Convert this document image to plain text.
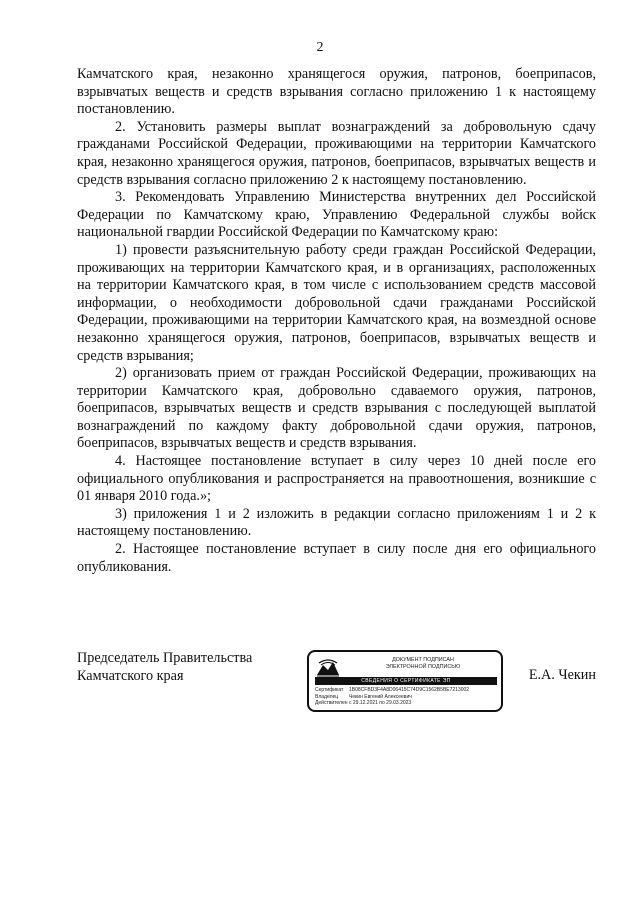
2

Камчатского края, незаконно хранящегося оружия, патронов, боеприпасов, взрывчатых веществ и средств взрывания согласно приложению 1 к настоящему постановлению.

2. Установить размеры выплат вознаграждений за добровольную сдачу гражданами Российской Федерации, проживающими на территории Камчатского края, незаконно хранящегося оружия, патронов, боеприпасов, взрывчатых веществ и средств взрывания согласно приложению 2 к настоящему постановлению.

3. Рекомендовать Управлению Министерства внутренних дел Российской Федерации по Камчатскому краю, Управлению Федеральной службы войск национальной гвардии Российской Федерации по Камчатскому краю:

1) провести разъяснительную работу среди граждан Российской Федерации, проживающих на территории Камчатского края, и в организациях, расположенных на территории Камчатского края, в том числе с использованием средств массовой информации, о необходимости добровольной сдачи гражданами Российской Федерации, проживающими на территории Камчатского края, на возмездной основе незаконно хранящегося оружия, патронов, боеприпасов, взрывчатых веществ и средств взрывания;

2) организовать прием от граждан Российской Федерации, проживающих на территории Камчатского края, добровольно сдаваемого оружия, патронов, боеприпасов, взрывчатых веществ и средств взрывания с последующей выплатой вознаграждений по каждому факту добровольной сдачи оружия, патронов, боеприпасов, взрывчатых веществ и средств взрывания.

4. Настоящее постановление вступает в силу через 10 дней после его официального опубликования и распространяется на правоотношения, возникшие с 01 января 2010 года.»;

3) приложения 1 и 2 изложить в редакции согласно приложениям 1 и 2 к настоящему постановлению.

2. Настоящее постановление вступает в силу после дня его официального опубликования.

Председатель Правительства
Камчатского края
ДОКУМЕНТ ПОДПИСАН
ЭЛЕКТРОННОЙ ПОДПИСЬЮ
СВЕДЕНИЯ О СЕРТИФИКАТЕ ЭП
Сертификат	1B08CFBD3F4A8D06415C74D9C1562B5BE7213002
Владелец	Чекин Евгений Алексеевич
Действителен с 29.12.2021 по 29.03.2023
Е.А. Чекин
